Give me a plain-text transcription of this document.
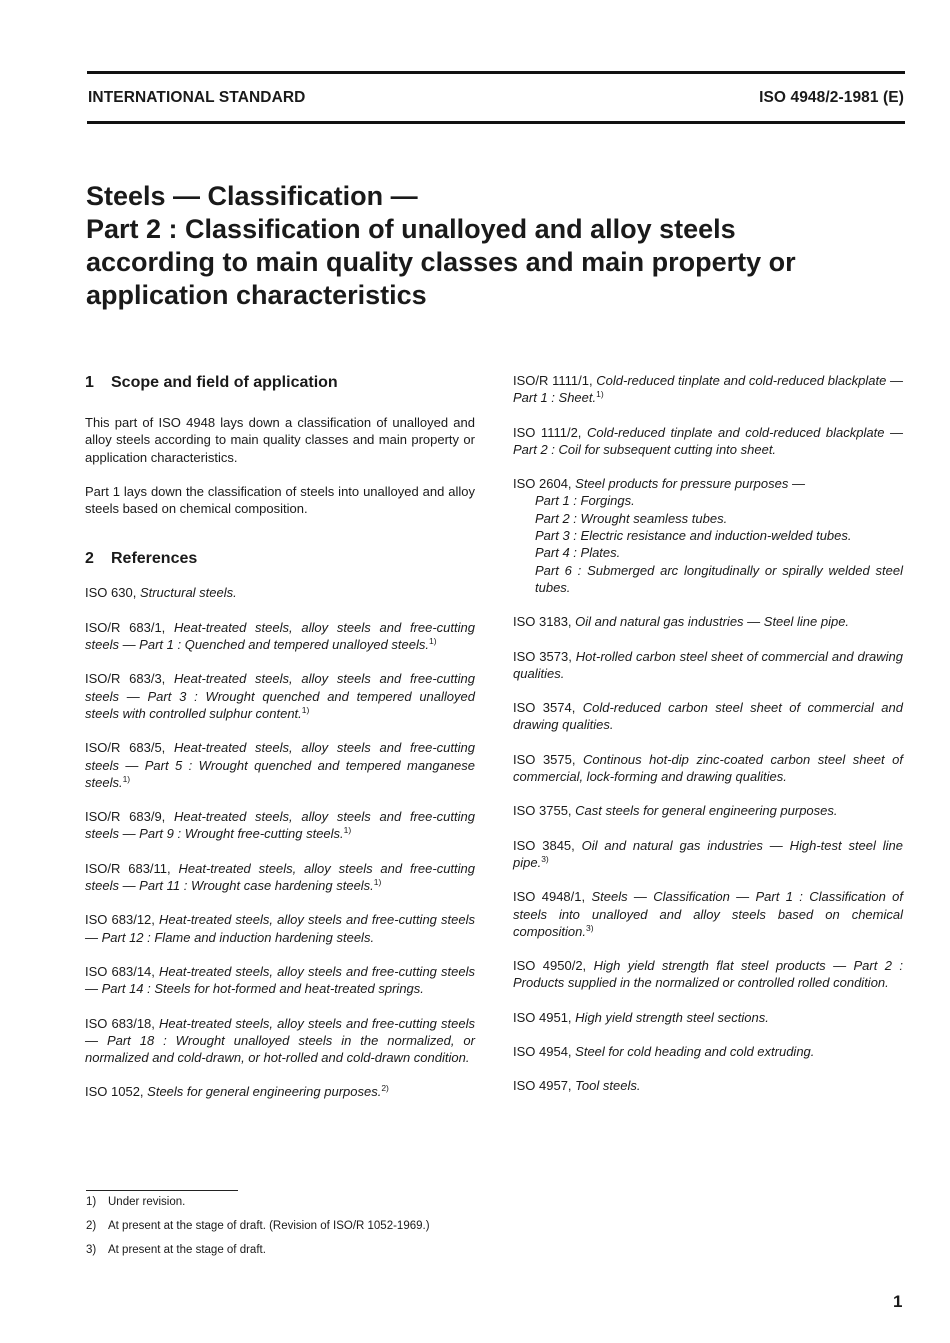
INTERNATIONAL STANDARD	ISO 4948/2-1981 (E)
Steels — Classification —
Part 2 : Classification of unalloyed and alloy steels
according to main quality classes and main property or
application characteristics
1 Scope and field of application

This part of ISO 4948 lays down a classification of unalloyed and alloy steels according to main quality classes and main property or application characteristics.

Part 1 lays down the classification of steels into unalloyed and alloy steels based on chemical composition.

2 References
ISO 630, Structural steels.
ISO/R 683/1, Heat-treated steels, alloy steels and free-cutting steels — Part 1 : Quenched and tempered unalloyed steels.$^{1)}$
ISO/R 683/3, Heat-treated steels, alloy steels and free-cutting steels — Part 3 : Wrought quenched and tempered unalloyed steels with controlled sulphur content.$^{1)}$
ISO/R 683/5, Heat-treated steels, alloy steels and free-cutting steels — Part 5 : Wrought quenched and tempered manganese steels.$^{1)}$
ISO/R 683/9, Heat-treated steels, alloy steels and free-cutting steels — Part 9 : Wrought free-cutting steels.$^{1)}$
ISO/R 683/11, Heat-treated steels, alloy steels and free-cutting steels — Part 11 : Wrought case hardening steels.$^{1)}$
ISO 683/12, Heat-treated steels, alloy steels and free-cutting steels — Part 12 : Flame and induction hardening steels.
ISO 683/14, Heat-treated steels, alloy steels and free-cutting steels — Part 14 : Steels for hot-formed and heat-treated springs.
ISO 683/18, Heat-treated steels, alloy steels and free-cutting steels — Part 18 : Wrought unalloyed steels in the normalized, or normalized and cold-drawn, or hot-rolled and cold-drawn condition.
ISO 1052, Steels for general engineering purposes.$^{2)}$
ISO/R 1111/1, Cold-reduced tinplate and cold-reduced blackplate — Part 1 : Sheet.$^{1)}$
ISO 1111/2, Cold-reduced tinplate and cold-reduced blackplate — Part 2 : Coil for subsequent cutting into sheet.
ISO 2604, Steel products for pressure purposes —
Part 1 : Forgings.
Part 2 : Wrought seamless tubes.
Part 3 : Electric resistance and induction-welded tubes.
Part 4 : Plates.
Part 6 : Submerged arc longitudinally or spirally welded steel tubes.
ISO 3183, Oil and natural gas industries — Steel line pipe.
ISO 3573, Hot-rolled carbon steel sheet of commercial and drawing qualities.
ISO 3574, Cold-reduced carbon steel sheet of commercial and drawing qualities.
ISO 3575, Continous hot-dip zinc-coated carbon steel sheet of commercial, lock-forming and drawing qualities.
ISO 3755, Cast steels for general engineering purposes.
ISO 3845, Oil and natural gas industries — High-test steel line pipe.$^{3)}$
ISO 4948/1, Steels — Classification — Part 1 : Classification of steels into unalloyed and alloy steels based on chemical composition.$^{3)}$
ISO 4950/2, High yield strength flat steel products — Part 2 : Products supplied in the normalized or controlled rolled condition.
ISO 4951, High yield strength steel sections.
ISO 4954, Steel for cold heading and cold extruding.
ISO 4957, Tool steels.
1) Under revision.
2) At present at the stage of draft. (Revision of ISO/R 1052-1969.)
3) At present at the stage of draft.
1
